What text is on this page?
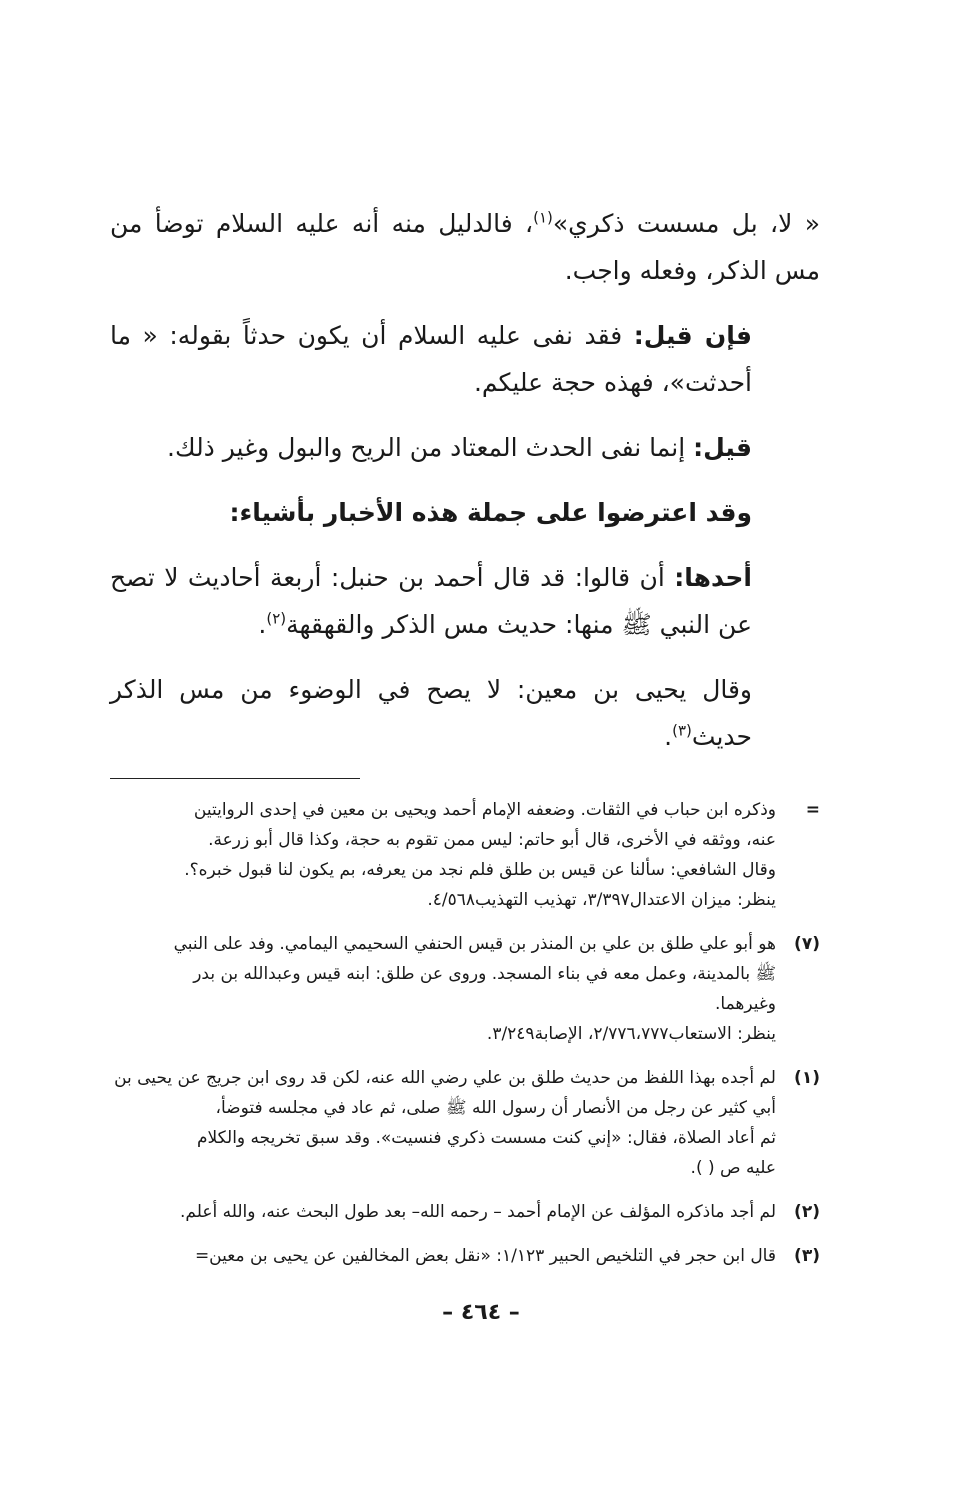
« لا، بل مسست ذكري»$^{(١)}$، فالدليل منه أنه عليه السلام توضأ من مس الذكر، وفعله واجب.

فإن قيل: فقد نفى عليه السلام أن يكون حدثاً بقوله: « ما أحدثت»، فهذه حجة عليكم.

قيل: إنما نفى الحدث المعتاد من الريح والبول وغير ذلك.

وقد اعترضوا على جملة هذه الأخبار بأشياء:

أحدها: أن قالوا: قد قال أحمد بن حنبل: أربعة أحاديث لا تصح عن النبي ﷺ منها: حديث مس الذكر والقهقهة$^{(٢)}$.

وقال يحيى بن معين: لا يصح في الوضوء من مس الذكر حديث$^{(٣)}$.

=
وذكره ابن حباب في الثقات. وضعفه الإمام أحمد ويحيى بن معين في إحدى الروايتين
عنه، ووثقه في الأخرى، قال أبو حاتم: ليس ممن تقوم به حجة، وكذا قال أبو زرعة.
وقال الشافعي: سألنا عن قيس بن طلق فلم نجد من يعرفه، بم يكون لنا قبول خبره؟.
ينظر: ميزان الاعتدال٣/٣٩٧، تهذيب التهذيب٤/٥٦٨.
(٧)
هو أبو علي طلق بن علي بن المنذر بن قيس الحنفي السحيمي اليمامي. وفد على النبي
ﷺ بالمدينة، وعمل معه في بناء المسجد. وروى عن طلق: ابنه قيس وعبدالله بن بدر
وغيرهما.
ينظر: الاستعاب٢/٧٧٦،٧٧٧، الإصابة٣/٢٤٩.
(١)
لم أجده بهذا اللفظ من حديث طلق بن علي رضي الله عنه، لكن قد روى ابن جريج عن يحيى بن
أبي كثير عن رجل من الأنصار أن رسول الله ﷺ صلى، ثم عاد في مجلسه فتوضأ،
ثم أعاد الصلاة، فقال: «إني كنت مسست ذكري فنسيت». وقد سبق تخريجه والكلام
عليه ص ( ).
(٢)
لم أجد ماذكره المؤلف عن الإمام أحمد – رحمه الله– بعد طول البحث عنه، والله أعلم.
(٣)
قال ابن حجر في التلخيص الحبير ١/١٢٣: «نقل بعض المخالفين عن يحيى بن معين=
– ٤٦٤ –
